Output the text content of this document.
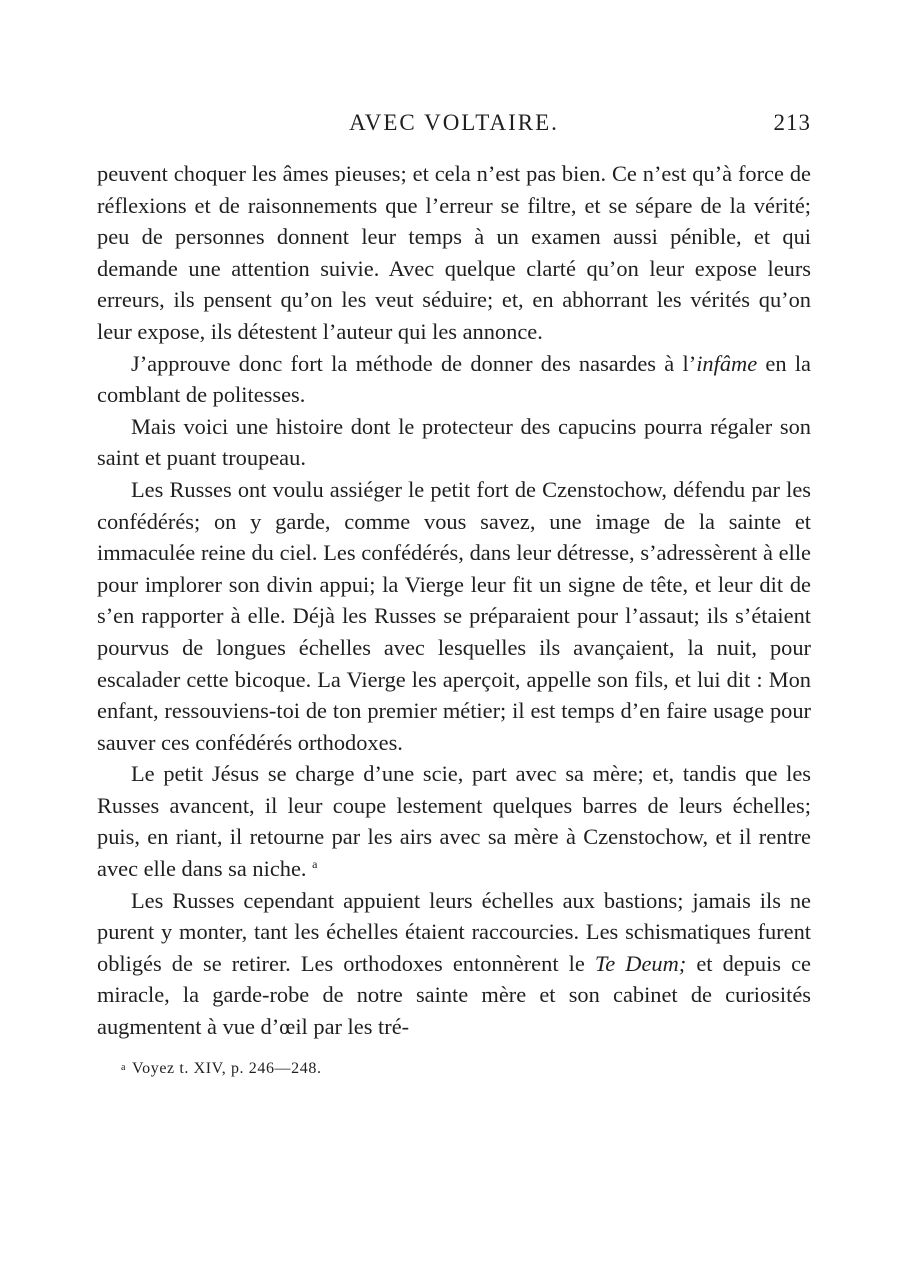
AVEC VOLTAIRE.	213

peuvent choquer les âmes pieuses; et cela n’est pas bien. Ce n’est qu’à force de réflexions et de raisonnements que l’erreur se filtre, et se sépare de la vérité; peu de personnes donnent leur temps à un examen aussi pénible, et qui demande une attention suivie. Avec quelque clarté qu’on leur expose leurs erreurs, ils pensent qu’on les veut séduire; et, en abhorrant les vérités qu’on leur expose, ils détestent l’auteur qui les annonce.

J’approuve donc fort la méthode de donner des nasardes à l’infâme en la comblant de politesses.

Mais voici une histoire dont le protecteur des capucins pourra régaler son saint et puant troupeau.

Les Russes ont voulu assiéger le petit fort de Czenstochow, défendu par les confédérés; on y garde, comme vous savez, une image de la sainte et immaculée reine du ciel. Les confédérés, dans leur détresse, s’adressèrent à elle pour implorer son divin appui; la Vierge leur fit un signe de tête, et leur dit de s’en rapporter à elle. Déjà les Russes se préparaient pour l’assaut; ils s’étaient pourvus de longues échelles avec lesquelles ils avançaient, la nuit, pour escalader cette bicoque. La Vierge les aperçoit, appelle son fils, et lui dit : Mon enfant, ressouviens-toi de ton premier métier; il est temps d’en faire usage pour sauver ces confédérés orthodoxes.

Le petit Jésus se charge d’une scie, part avec sa mère; et, tandis que les Russes avancent, il leur coupe lestement quelques barres de leurs échelles; puis, en riant, il retourne par les airs avec sa mère à Czenstochow, et il rentre avec elle dans sa niche. $^a$

Les Russes cependant appuient leurs échelles aux bastions; jamais ils ne purent y monter, tant les échelles étaient raccourcies. Les schismatiques furent obligés de se retirer. Les orthodoxes entonnèrent le Te Deum; et depuis ce miracle, la garde-robe de notre sainte mère et son cabinet de curiosités augmentent à vue d’œil par les tré-

a Voyez t. XIV, p. 246—248.
